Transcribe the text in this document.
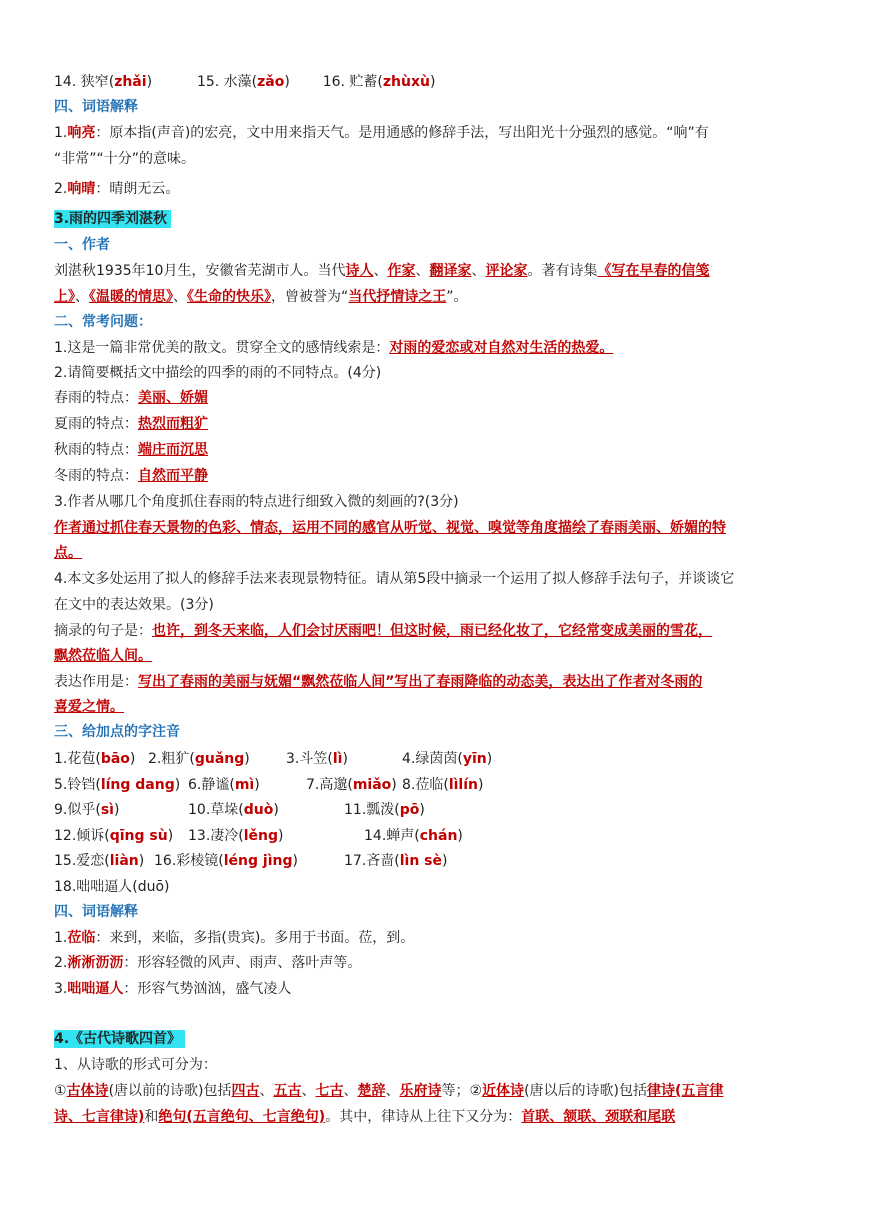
14. 狭窄(zhǎi)	15. 水藻(zǎo) 16. 贮蓄(zhùxù)
四、词语解释
1.响亮：原本指(声音)的宏亮，文中用来指天气。是用通感的修辞手法，写出阳光十分强烈的感觉。“响”有
“非常”“十分”的意味。
2.响晴：晴朗无云。
3.雨的四季刘湛秋
一、作者
刘湛秋1935年10月生，安徽省芜湖市人。当代诗人、作家、翻译家、评论家。著有诗集《写在早春的信笺
上》、《温暖的情思》、《生命的快乐》，曾被誉为“当代抒情诗之王”。
二、常考问题：
1.这是一篇非常优美的散文。贯穿全文的感情线索是：对雨的爱恋或对自然对生活的热爱。
2.请简要概括文中描绘的四季的雨的不同特点。(4分)
春雨的特点：美丽、娇媚
夏雨的特点：热烈而粗犷
秋雨的特点：端庄而沉思
冬雨的特点：自然而平静
3.作者从哪几个角度抓住春雨的特点进行细致入微的刻画的?(3分)
作者通过抓住春天景物的色彩、情态，运用不同的感官从听觉、视觉、嗅觉等角度描绘了春雨美丽、娇媚的特
点。
4.本文多处运用了拟人的修辞手法来表现景物特征。请从第5段中摘录一个运用了拟人修辞手法句子，并谈谈它
在文中的表达效果。(3分)
摘录的句子是：也许，到冬天来临，人们会讨厌雨吧！但这时候，雨已经化妆了，它经常变成美丽的雪花，
飘然莅临人间。
表达作用是：写出了春雨的美丽与妩媚“飘然莅临人间”写出了春雨降临的动态美，表达出了作者对冬雨的
喜爱之情。
三、给加点的字注音
1.花苞(bāo) 2.粗犷(guǎng)	3.斗笠(lì)	4.绿茵茵(yīn)
5.铃铛(líng dang) 6.静谧(mì)	7.高邈(miǎo) 8.莅临(lìlín)
9.似乎(sì)	10.草垛(duò)	11.瓢泼(pō)
12.倾诉(qīng sù) 13.凄冷(lěng)	14.蝉声(chán)
15.爱恋(liàn) 16.彩棱镜(léng jìng)	17.吝啬(lìn sè)
18.咄咄逼人(duō)
四、词语解释
1.莅临：来到，来临，多指(贵宾)。多用于书面。莅，到。
2.淅淅沥沥：形容轻微的风声、雨声、落叶声等。
3.咄咄逼人：形容气势汹汹，盛气凌人
4.《古代诗歌四首》
1、从诗歌的形式可分为：
①古体诗(唐以前的诗歌)包括四古、五古、七古、楚辞、乐府诗等；②近体诗(唐以后的诗歌)包括律诗(五言律
诗、七言律诗)和绝句(五言绝句、七言绝句)。其中，律诗从上往下又分为：首联、颔联、颈联和尾联
